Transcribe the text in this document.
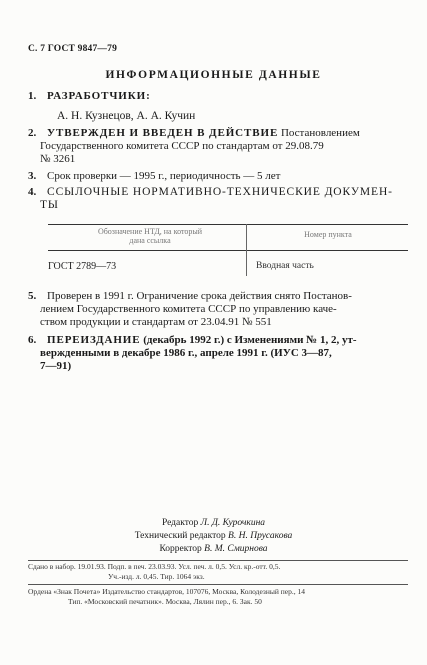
С. 7 ГОСТ 9847—79
ИНФОРМАЦИОННЫЕ ДАННЫЕ
1. РАЗРАБОТЧИКИ:
А. Н. Кузнецов, А. А. Кучин
2. УТВЕРЖДЕН И ВВЕДЕН В ДЕЙСТВИЕ Постановлением
Государственного комитета СССР по стандартам от 29.08.79
№ 3261
3. Срок проверки — 1995 г., периодичность — 5 лет
4. ССЫЛОЧНЫЕ НОРМАТИВНО-ТЕХНИЧЕСКИЕ ДОКУМЕН-
ТЫ
Обозначение НТД, на который
дана ссылка
Номер пункта
ГОСТ 2789—73	Вводная часть
5. Проверен в 1991 г. Ограничение срока действия снято Постанов-
лением Государственного комитета СССР по управлению каче-
ством продукции и стандартам от 23.04.91 № 551
6. ПЕРЕИЗДАНИЕ (декабрь 1992 г.) с Изменениями № 1, 2, ут-
вержденными в декабре 1986 г., апреле 1991 г. (ИУС 3—87,
7—91)
Редактор Л. Д. Курочкина
Технический редактор В. Н. Прусакова
Корректор В. М. Смирнова
Сдано в набор. 19.01.93. Подп. в печ. 23.03.93. Усл. печ. л. 0,5. Усл. кр.-отт. 0,5.
Уч.-изд. л. 0,45. Тир. 1064 экз.
Ордена «Знак Почета» Издательство стандартов, 107076, Москва, Колодезный пер., 14
Тип. «Московский печатник». Москва, Лялин пер., 6. Зак. 50
